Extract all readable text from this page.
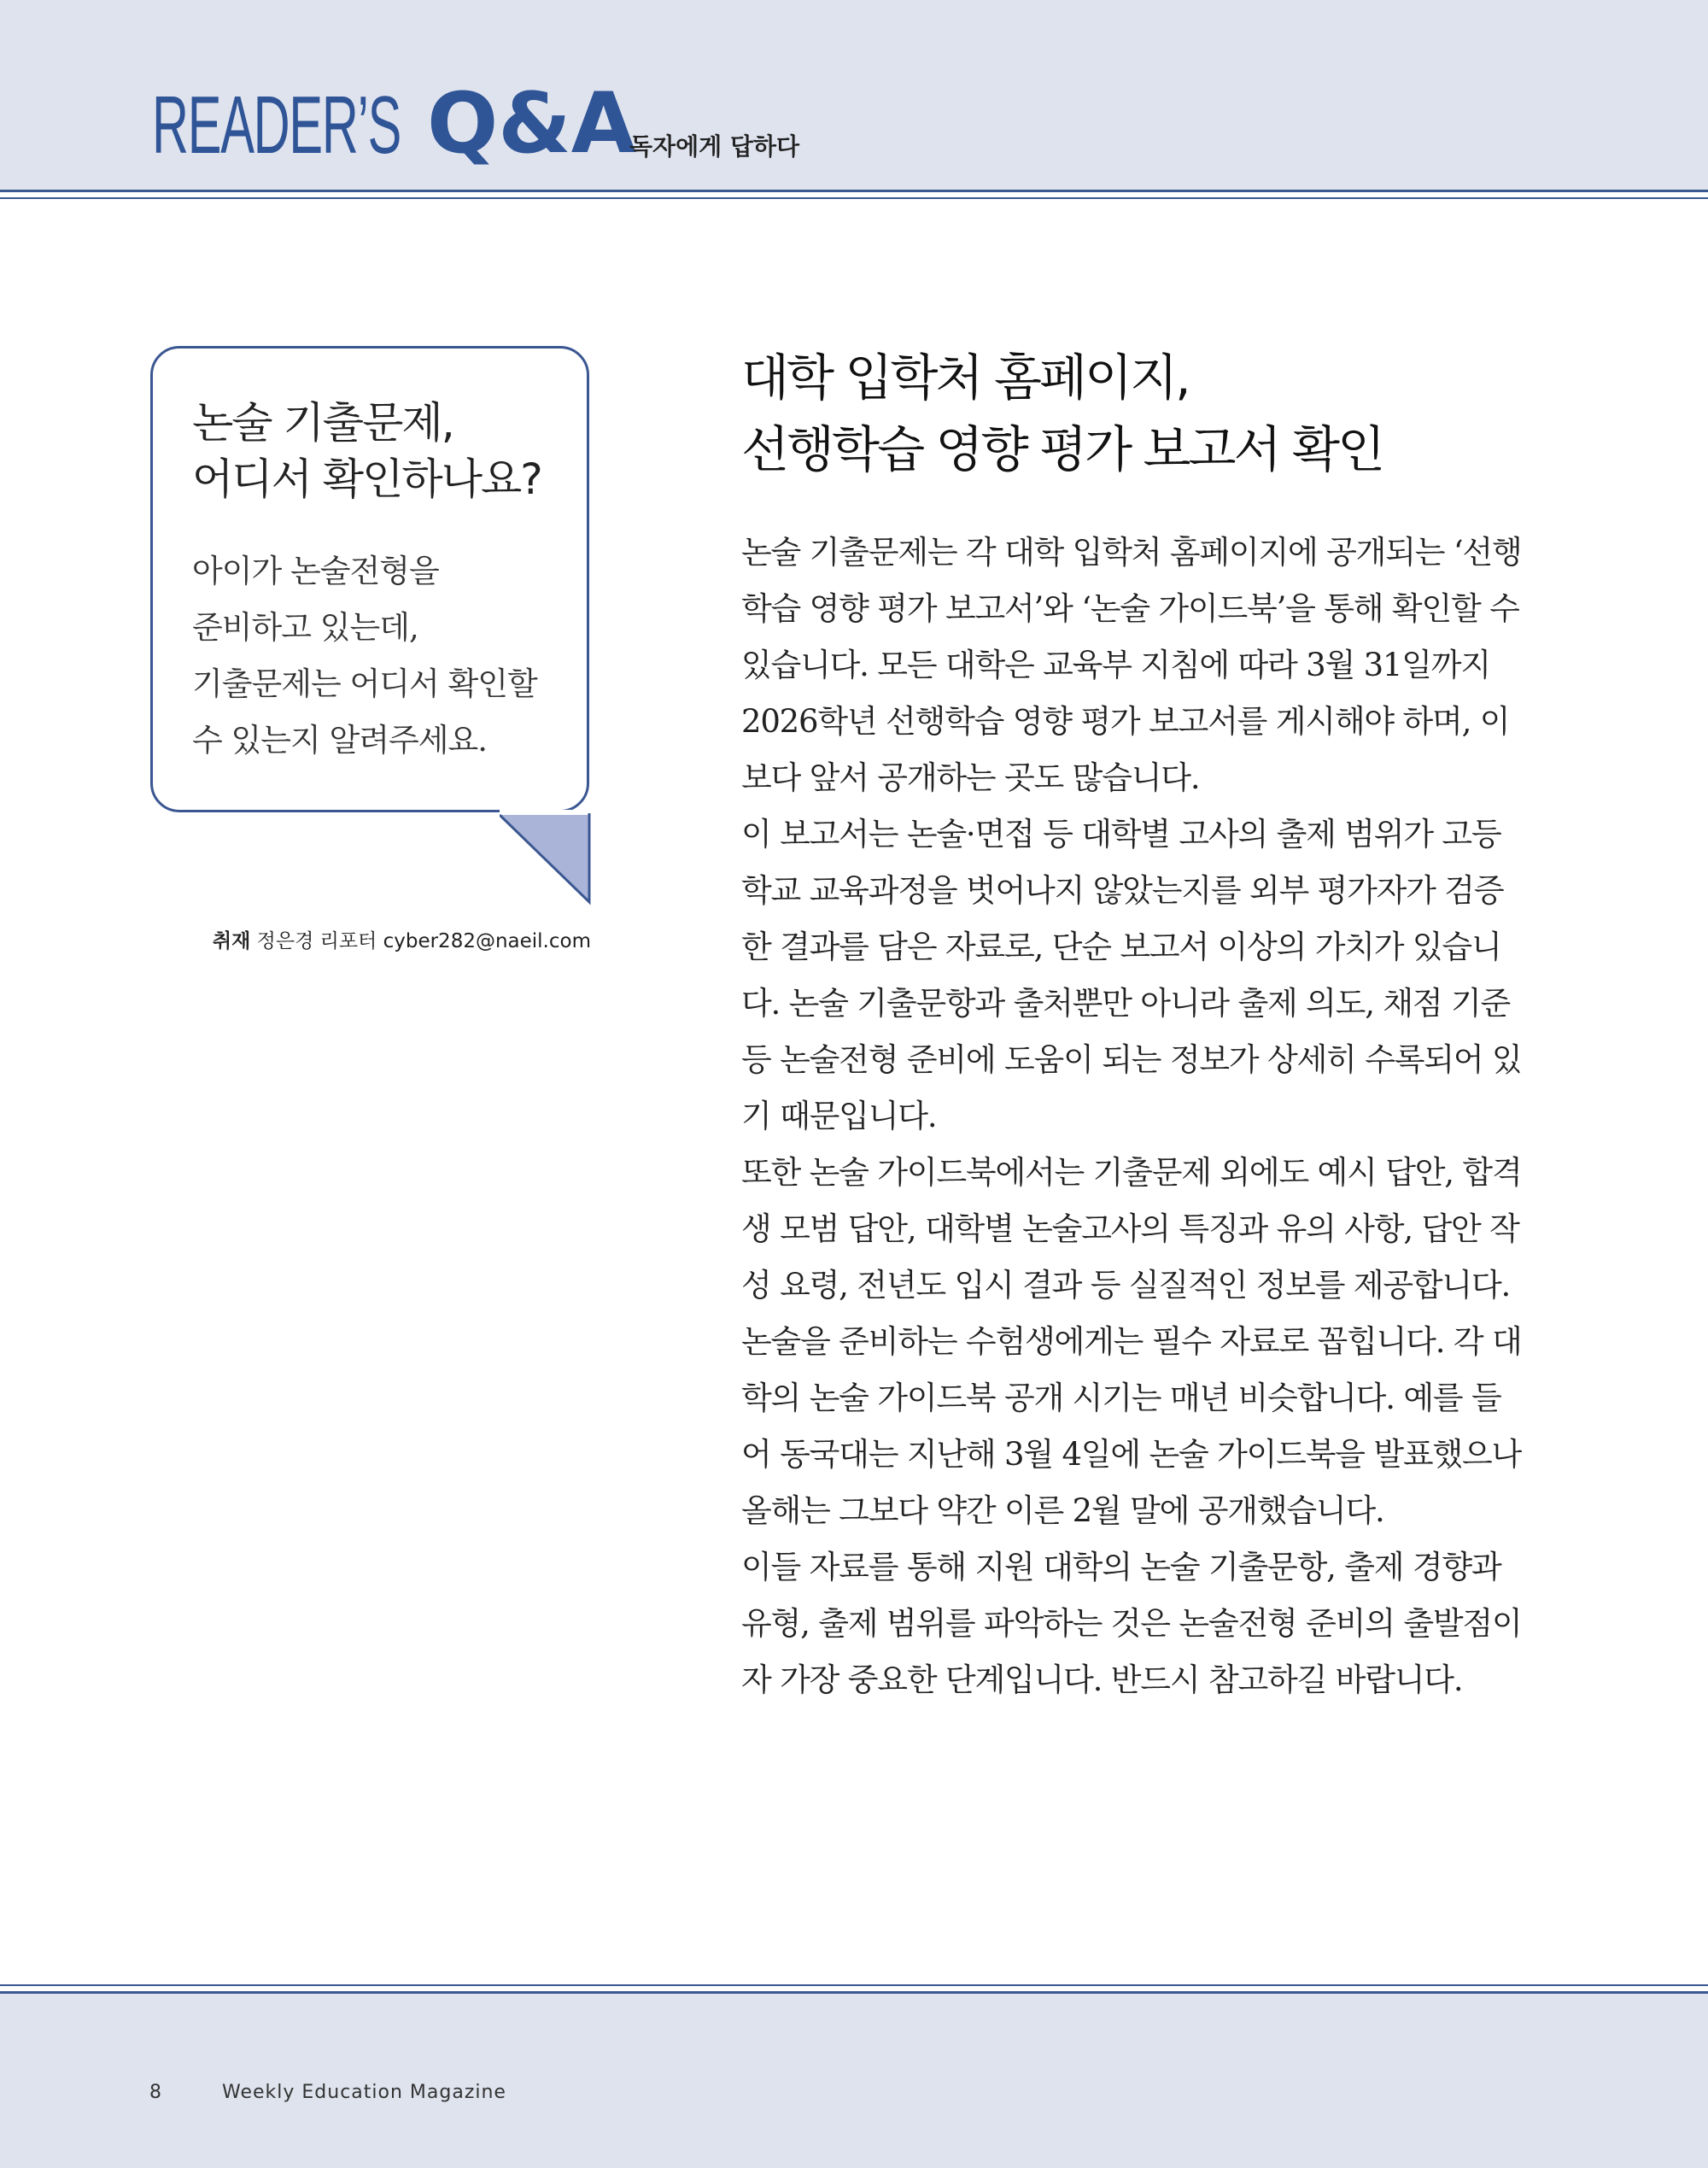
READER’S Q&A
독자에게 답하다
논술 기출문제,
어디서 확인하나요?
아이가 논술전형을
준비하고 있는데,
기출문제는 어디서 확인할
수 있는지 알려주세요.
취재 정은경 리포터 cyber282@naeil.com
대학 입학처 홈페이지,
선행학습 영향 평가 보고서 확인

논술 기출문제는 각 대학 입학처 홈페이지에 공개되는 ‘선행학습 영향 평가 보고서’와 ‘논술 가이드북’을 통해 확인할 수 있습니다. 모든 대학은 교육부 지침에 따라 3월 31일까지 2026학년 선행학습 영향 평가 보고서를 게시해야 하며, 이보다 앞서 공개하는 곳도 많습니다.

이 보고서는 논술·면접 등 대학별 고사의 출제 범위가 고등학교 교육과정을 벗어나지 않았는지를 외부 평가자가 검증한 결과를 담은 자료로, 단순 보고서 이상의 가치가 있습니다. 논술 기출문항과 출처뿐만 아니라 출제 의도, 채점 기준 등 논술전형 준비에 도움이 되는 정보가 상세히 수록되어 있기 때문입니다.

또한 논술 가이드북에서는 기출문제 외에도 예시 답안, 합격생 모범 답안, 대학별 논술고사의 특징과 유의 사항, 답안 작성 요령, 전년도 입시 결과 등 실질적인 정보를 제공합니다. 논술을 준비하는 수험생에게는 필수 자료로 꼽힙니다. 각 대학의 논술 가이드북 공개 시기는 매년 비슷합니다. 예를 들어 동국대는 지난해 3월 4일에 논술 가이드북을 발표했으나 올해는 그보다 약간 이른 2월 말에 공개했습니다.

이들 자료를 통해 지원 대학의 논술 기출문항, 출제 경향과 유형, 출제 범위를 파악하는 것은 논술전형 준비의 출발점이자 가장 중요한 단계입니다. 반드시 참고하길 바랍니다.

8	Weekly Education Magazine
